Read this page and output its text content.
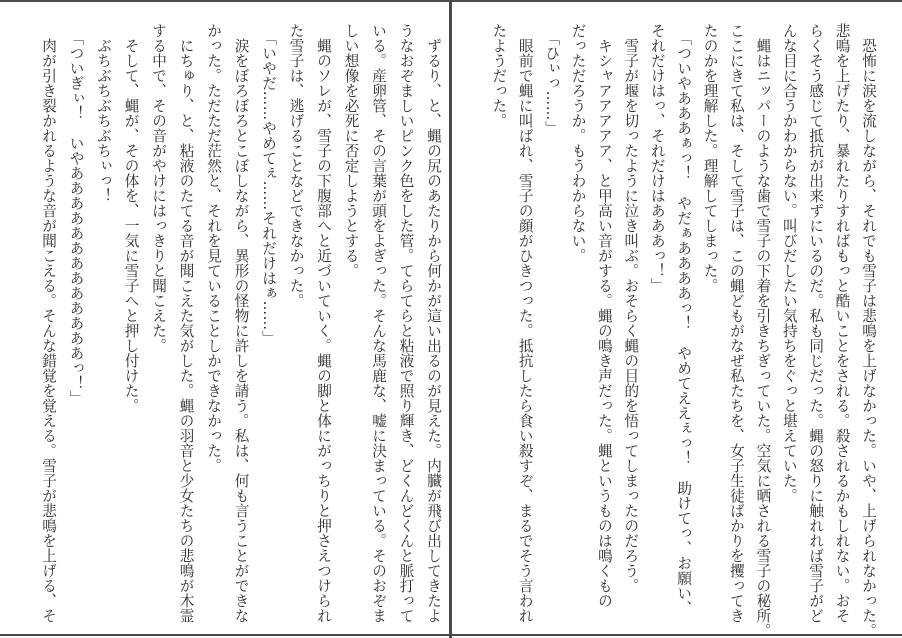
　ずるり、と、蝿の尻のあたりから何かが這い出るのが見えた。内臓が飛び出してきたよ
うなおぞましいピンク色をした管。てらてらと粘液で照り輝き、どくんどくんと脈打って
いる。産卵管、その言葉が頭をよぎった。そんな馬鹿な、嘘に決まっている。そのおぞま
しい想像を必死に否定しようとする。
　蝿のソレが、雪子の下腹部へと近づいていく。蝿の脚と体にがっちりと押さえつけられ
た雪子は、逃げることなどできなかった。
　「いやだ……やめてぇ……それだけはぁ……」
　涙をぼろぼろとこぼしながら、異形の怪物に許しを請う。私は、何も言うことができな
かった。ただただ茫然と、それを見ていることしかできなかった。
　にちゅり、と、粘液のたてる音が聞こえた気がした。蝿の羽音と少女たちの悲鳴が木霊
する中で、その音がやけにはっきりと聞こえた。
　そして、蝿が、その体を、一気に雪子へと押し付けた。
　ぶちぶちぶちぶちぃっ！
　「ついぎぃ！　いやあああああああああああああっ！」
　肉が引き裂かれるような音が聞こえる。そんな錯覚を覚える。雪子が悲鳴を上げる、そ	　恐怖に涙を流しながら、それでも雪子は悲鳴を上げなかった。いや、上げられなかった。
悲鳴を上げたり、暴れたりすればもっと酷いことをされる。殺されるかもしれない。おそ
らくそう感じて抵抗が出来ずにいるのだ。私も同じだった。蝿の怒りに触れれば雪子がど
んな目に合うかわからない。叫びだしたい気持ちをぐっと堪えていた。
　蝿はニッパーのような歯で雪子の下着を引きちぎっていた。空気に晒される雪子の秘所。
ここにきて私は、そして雪子は、この蝿どもがなぜ私たちを、女子生徒ばかりを攫ってき
たのかを理解した。理解してしまった。
　「ついやあああぁっ！　やだぁああああっ！　やめてええぇっ！　助けてっ、お願い、
それだけはっ、それだけはあああっ！」
　雪子が堰を切ったように泣き叫ぶ。おそらく蝿の目的を悟ってしまったのだろう。
　キシャアアアアア、と甲高い音がする。蝿の鳴き声だった。蝿というものは鳴くもの
だっただろうか。もうわからない。
　「ひぃっ……」
　眼前で蝿に叫ばれ、雪子の顔がひきつった。抵抗したら食い殺すぞ、まるでそう言われ
たようだった。
